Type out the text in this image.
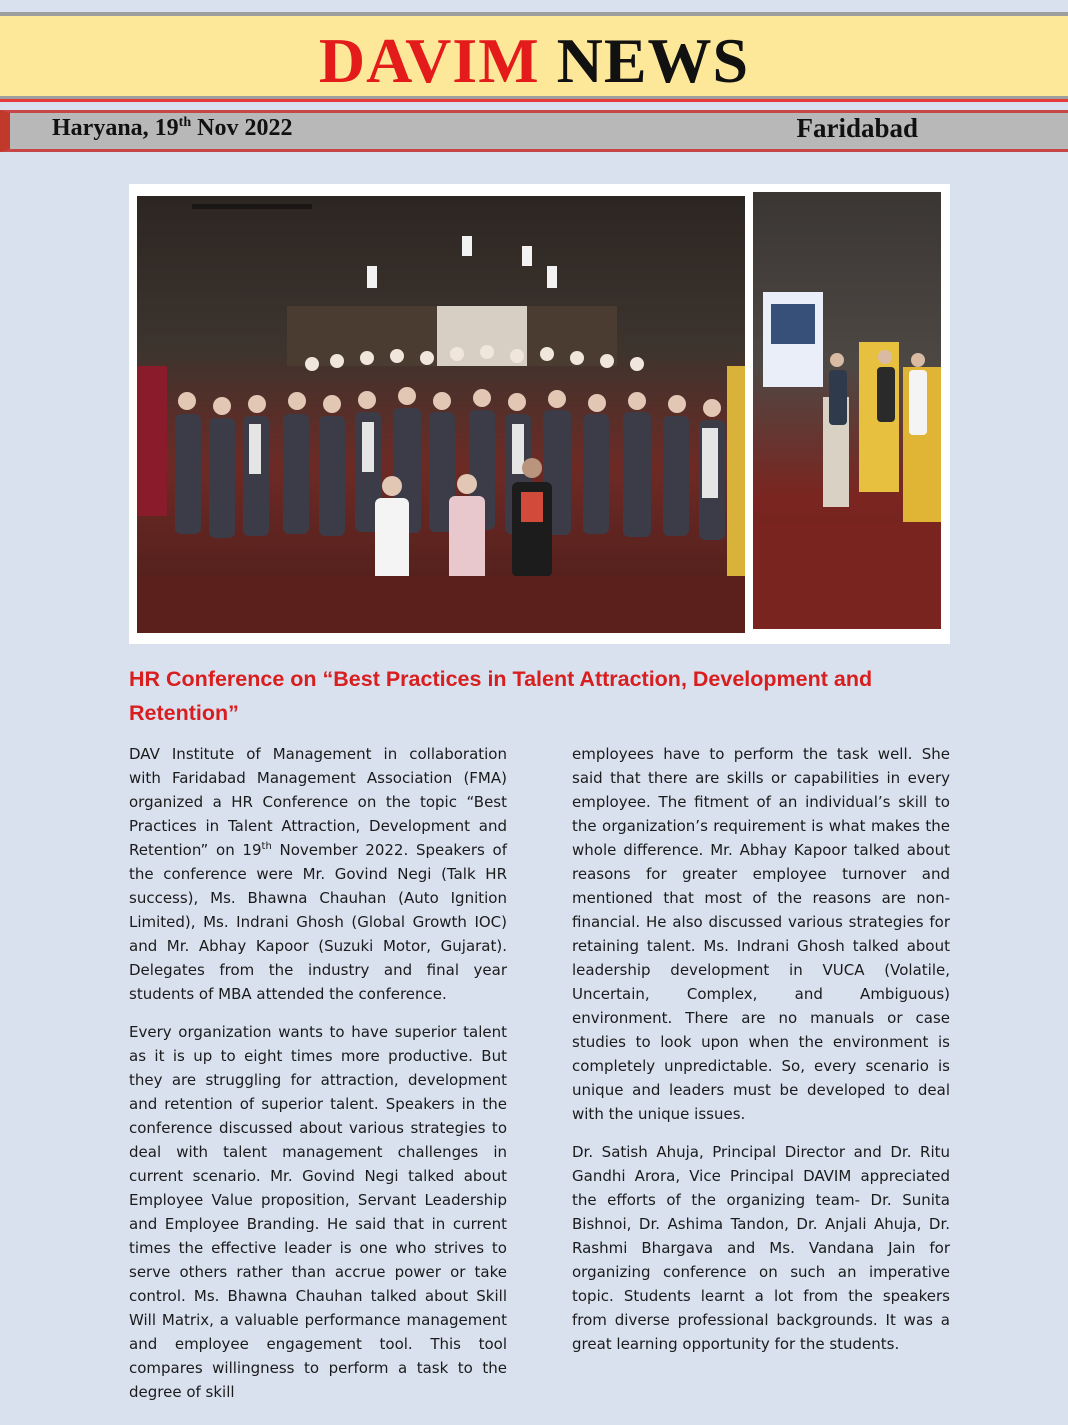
DAVIM NEWS
Haryana, 19th Nov 2022	Faridabad
HR Conference on “Best Practices in Talent Attraction, Development and Retention”

DAV Institute of Management in collaboration with Faridabad Management Association (FMA) organized a HR Conference on the topic “Best Practices in Talent Attraction, Development and Retention” on 19th November 2022. Speakers of the conference were Mr. Govind Negi (Talk HR success), Ms. Bhawna Chauhan (Auto Ignition Limited), Ms. Indrani Ghosh (Global Growth IOC) and Mr. Abhay Kapoor (Suzuki Motor, Gujarat). Delegates from the industry and final year students of MBA attended the conference.

Every organization wants to have superior talent as it is up to eight times more productive. But they are struggling for attraction, development and retention of superior talent. Speakers in the conference discussed about various strategies to deal with talent management challenges in current scenario. Mr. Govind Negi talked about Employee Value proposition, Servant Leadership and Employee Branding. He said that in current times the effective leader is one who strives to serve others rather than accrue power or take control. Ms. Bhawna Chauhan talked about Skill Will Matrix, a valuable performance management and employee engagement tool. This tool compares willingness to perform a task to the degree of skill

employees have to perform the task well. She said that there are skills or capabilities in every employee. The fitment of an individual’s skill to the organization’s requirement is what makes the whole difference. Mr. Abhay Kapoor talked about reasons for greater employee turnover and mentioned that most of the reasons are non-financial. He also discussed various strategies for retaining talent. Ms. Indrani Ghosh talked about leadership development in VUCA (Volatile, Uncertain, Complex, and Ambiguous) environment. There are no manuals or case studies to look upon when the environment is completely unpredictable. So, every scenario is unique and leaders must be developed to deal with the unique issues.

Dr. Satish Ahuja, Principal Director and Dr. Ritu Gandhi Arora, Vice Principal DAVIM appreciated the efforts of the organizing team- Dr. Sunita Bishnoi, Dr. Ashima Tandon, Dr. Anjali Ahuja, Dr. Rashmi Bhargava and Ms. Vandana Jain for organizing conference on such an imperative topic. Students learnt a lot from the speakers from diverse professional backgrounds. It was a great learning opportunity for the students.
